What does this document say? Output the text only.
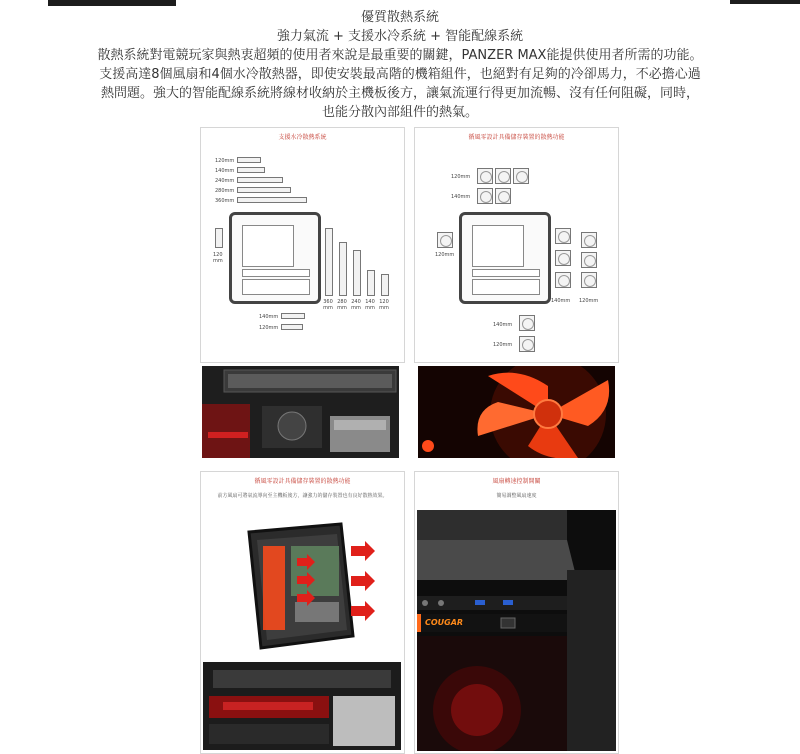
優質散熱系統
強力氣流 + 支援水冷系統 + 智能配線系統
散熱系統對電競玩家與熱衷超頻的使用者來說是最重要的關鍵，PANZER MAX能提供使用者所需的功能。
支援高達8個風扇和4個水冷散熱器，即使安裝最高階的機箱組件，也絕對有足夠的冷卻馬力，不必擔心過
熱問題。強大的智能配線系統將線材收納於主機板後方，讓氣流運行得更加流暢、沒有任何阻礙，同時，
也能分散內部組件的熱氣。
支援水冷散熱系統
120mm
140mm
240mm
280mm
360mm
120 mm
360 mm
280 mm
240 mm
140 mm
120 mm
140mm
120mm
循風零設計具備儲存裝置的散熱功能
120mm
140mm
120mm
140mm 120mm
140mm
120mm
循風零設計具備儲存裝置的散熱功能
前方風扇可將氣流導向至主機板後方，讓強力的儲存裝置也有良好散熱效果。
風扇轉速控制開關
簡易調整風扇速度
COUGAR
